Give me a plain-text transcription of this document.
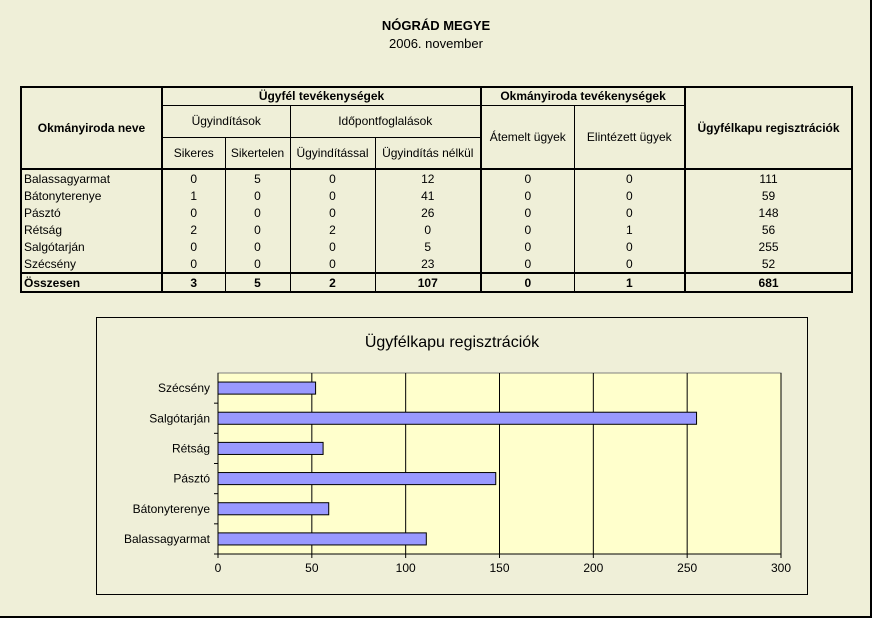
NÓGRÁD MEGYE
2006. november
Okmányiroda neve	Ügyfél tevékenységek				Okmányiroda tevékenységek		Ügyfélkapu regisztrációk
	Ügyindítások		Időpontfoglalások		Átemelt ügyek	Elintézett ügyek	
	Sikeres	Sikertelen	Ügyindítással	Ügyindítás nélkül			
Balassagyarmat	0	5	0	12	0	0	111
Bátonyterenye	1	0	0	41	0	0	59
Pásztó	0	0	0	26	0	0	148
Rétság	2	0	2	0	0	1	56
Salgótarján	0	0	0	5	0	0	255
Szécsény	0	0	0	23	0	0	52
Összesen	3	5	2	107	0	1	681
Ügyfélkapu regisztrációk
0	50	100	150	200	250	300
Balassagyarmat
Bátonyterenye
Pásztó
Rétság
Salgótarján
Szécsény
